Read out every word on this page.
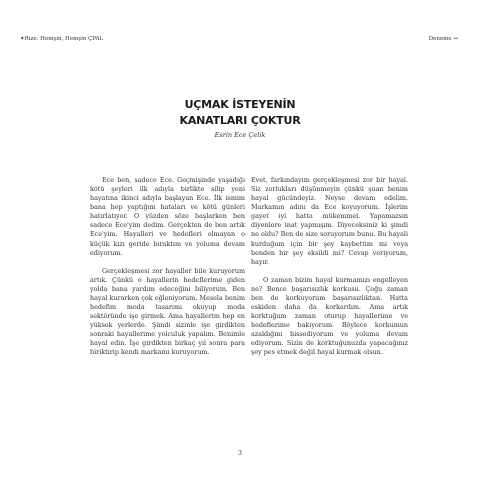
✦Rize. Hemşin, Hemşin ÇPAL	Deneme ↢
UÇMAK İSTEYENİN
KANATLARI ÇOKTUR
Esrin Ece Çelik

Ece ben, sadece Ece. Geçmişinde yaşadığı kötü şeyleri ilk adıyla birlikte silip yeni hayatına ikinci adıyla başlayan Ece. İlk ismim bana hep yaptığım hataları ve kötü günleri hatırlatıyor. O yüzden söze başlarken ben sadece Ece'yim dedim. Gerçekten de ben artık Ece'yim. Hayalleri ve hedefleri olmayan o küçük kızı geride bıraktım ve yoluma devam ediyorum.

Gerçekleşmesi zor hayaller bile kuruyorum artık. Çünkü o hayallerin hedeflerime giden yolda bana yardım edeceğini biliyorum. Ben hayal kurarken çok eğleniyorum. Mesela benim hedefim moda tasarımı okuyup moda sektöründe işe girmek. Ama hayallerim hep en yüksek yerlerde. Şimdi sizinle işe girdikten sonraki hayallerime yolculuk yapalım. Benimle hayal edin. İşe girdikten birkaç yıl sonra para biriktirip kendi markamı kuruyorum.

Evet, farkındayım gerçekleşmesi zor bir hayal. Siz zorlukları düşünmeyin çünkü şuan benim hayal gücündeyiz. Neyse devam edelim. Markamın adını da Ece koyuyorum. İşlerim gayet iyi hatta mükemmel. Yapamazsın diyenlere inat yapmışım. Diyeceksiniz ki şimdi ne oldu? Ben de size soruyorum bunu. Bu hayali kurduğum için bir şey kaybettim mi veya benden bir şey eksildi mi? Cevap veriyorum, hayır.

O zaman bizim hayal kurmamızı engelleyen ne? Bence başarısızlık korkusu. Çoğu zaman ben de korkuyorum başarısızlıktan. Hatta eskiden daha da korkardım. Ama artık korktuğum zaman oturup hayallerime ve hedeflerime bakıyorum. Böylece korkumun azaldığını hissediyorum ve yoluma devam ediyorum. Sizin de korktuğunuzda yapacağınız şey pes etmek değil hayal kurmak olsun.

3
